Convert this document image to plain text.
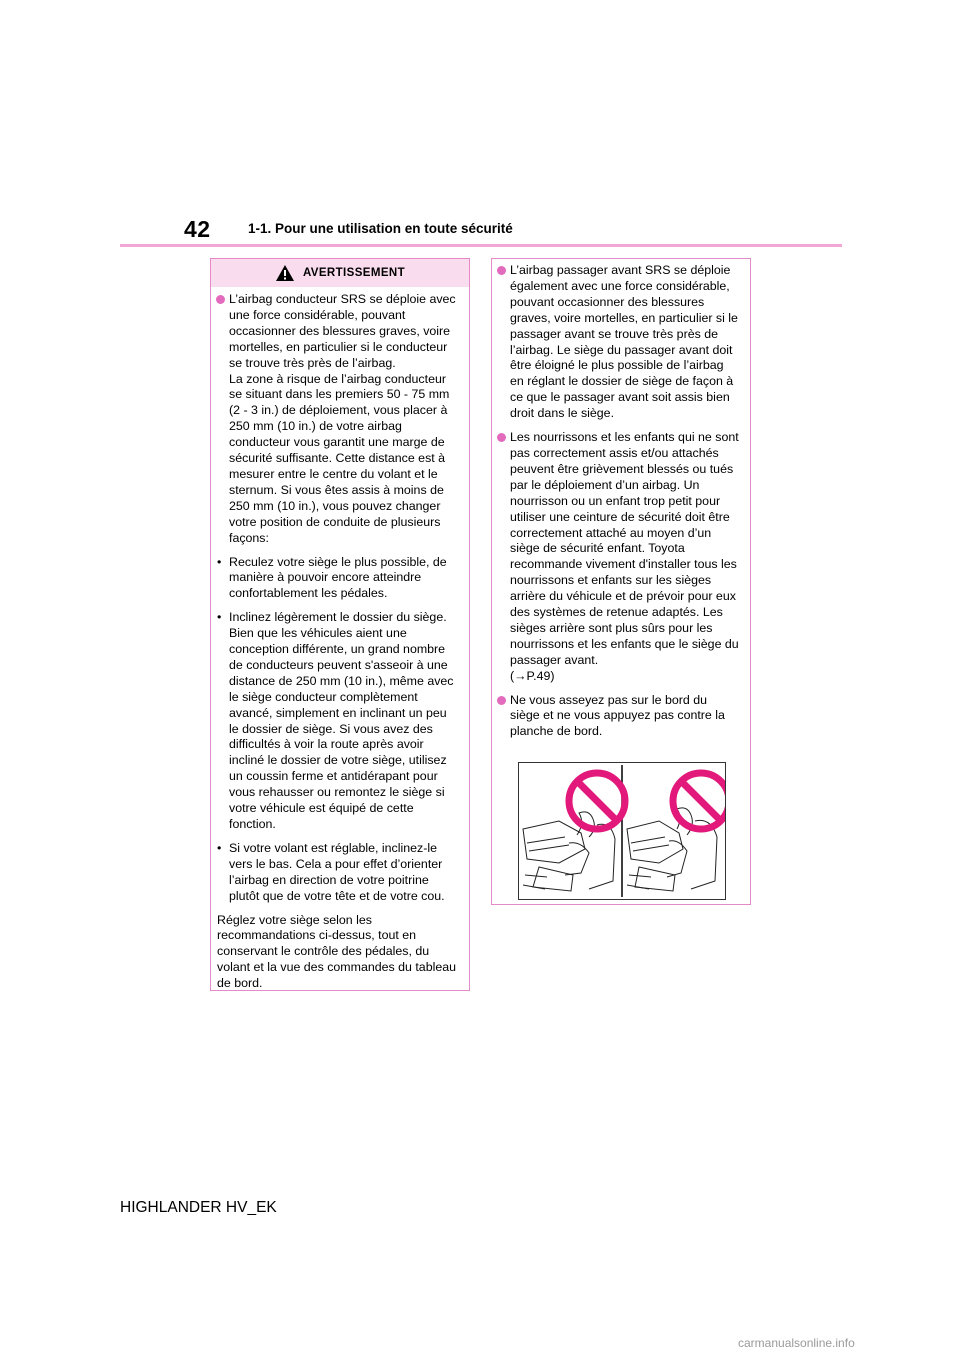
42	1-1. Pour une utilisation en toute sécurité
AVERTISSEMENT
L’airbag conducteur SRS se déploie avec une force considérable, pouvant occasionner des blessures graves, voire mortelles, en particulier si le conducteur se trouve très près de l’airbag.
La zone à risque de l’airbag conducteur se situant dans les premiers 50 - 75 mm (2 - 3 in.) de déploiement, vous placer à 250 mm (10 in.) de votre airbag conducteur vous garantit une marge de sécurité suffisante. Cette distance est à mesurer entre le centre du volant et le sternum. Si vous êtes assis à moins de 250 mm (10 in.), vous pouvez changer votre position de conduite de plusieurs façons:
• Reculez votre siège le plus possible, de manière à pouvoir encore atteindre confortablement les pédales.
• Inclinez légèrement le dossier du siège. Bien que les véhicules aient une conception différente, un grand nombre de conducteurs peuvent s'asseoir à une distance de 250 mm (10 in.), même avec le siège conducteur complètement avancé, simplement en inclinant un peu le dossier de siège. Si vous avez des difficultés à voir la route après avoir incliné le dossier de votre siège, utilisez un coussin ferme et antidérapant pour vous rehausser ou remontez le siège si votre véhicule est équipé de cette fonction.
• Si votre volant est réglable, inclinez-le vers le bas. Cela a pour effet d’orienter l’airbag en direction de votre poitrine plutôt que de votre tête et de votre cou.
Réglez votre siège selon les recommandations ci-dessus, tout en conservant le contrôle des pédales, du volant et la vue des commandes du tableau de bord.
L’airbag passager avant SRS se déploie également avec une force considérable, pouvant occasionner des blessures graves, voire mortelles, en particulier si le passager avant se trouve très près de l’airbag. Le siège du passager avant doit être éloigné le plus possible de l’airbag en réglant le dossier de siège de façon à ce que le passager avant soit assis bien droit dans le siège.
Les nourrissons et les enfants qui ne sont pas correctement assis et/ou attachés peuvent être grièvement blessés ou tués par le déploiement d’un airbag. Un nourrisson ou un enfant trop petit pour utiliser une ceinture de sécurité doit être correctement attaché au moyen d’un siège de sécurité enfant. Toyota recommande vivement d'installer tous les nourrissons et enfants sur les sièges arrière du véhicule et de prévoir pour eux des systèmes de retenue adaptés. Les sièges arrière sont plus sûrs pour les nourrissons et les enfants que le siège du passager avant.
(→P.49)
Ne vous asseyez pas sur le bord du siège et ne vous appuyez pas contre la planche de bord.
HIGHLANDER HV_EK
carmanualsonline.info
